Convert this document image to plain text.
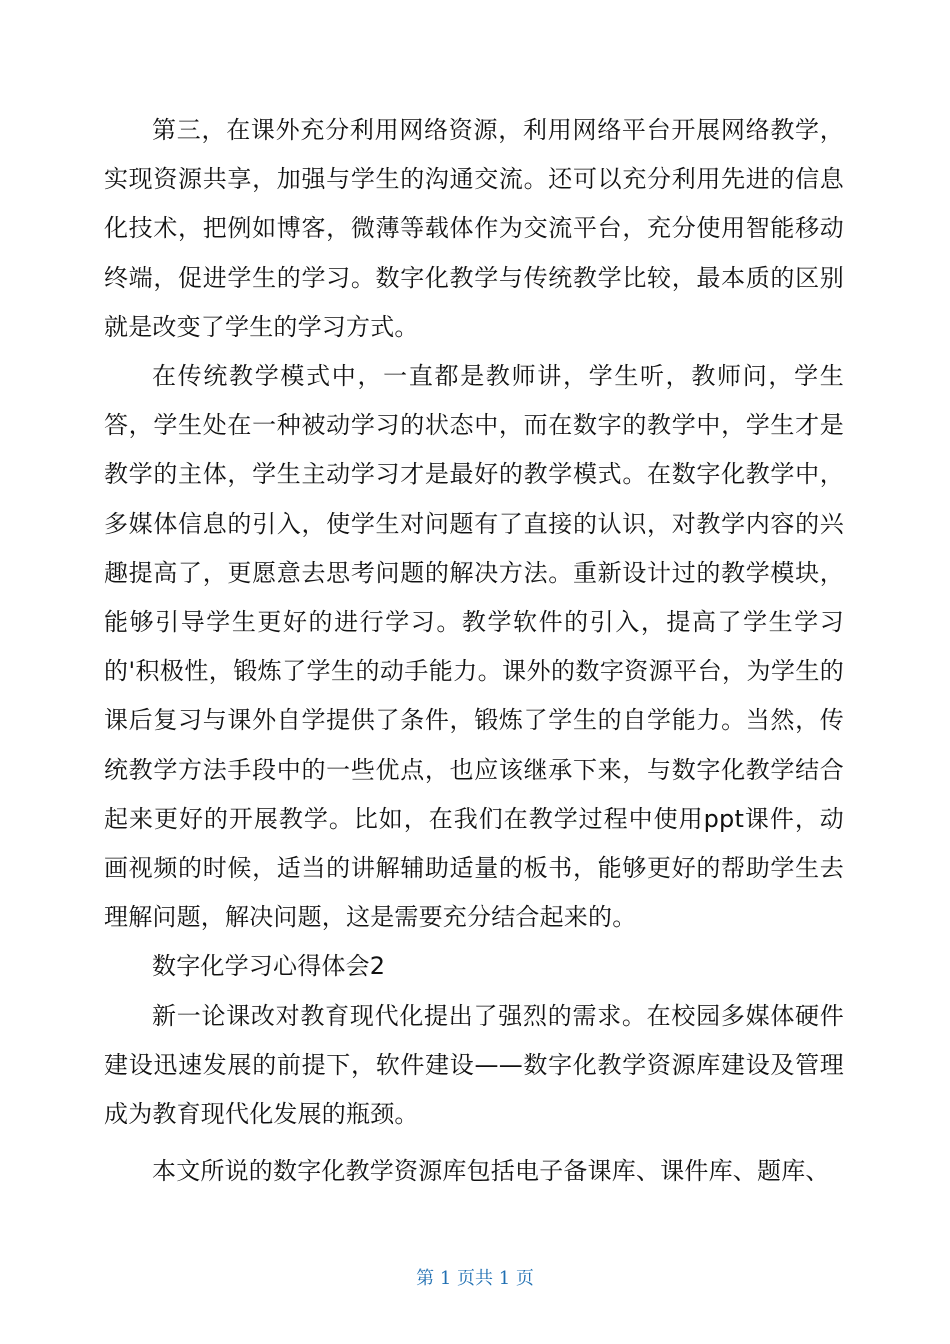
第三，在课外充分利用网络资源，利用网络平台开展网络教学，实现资源共享，加强与学生的沟通交流。还可以充分利用先进的信息化技术，把例如博客，微薄等载体作为交流平台，充分使用智能移动终端，促进学生的学习。数字化教学与传统教学比较，最本质的区别就是改变了学生的学习方式。

在传统教学模式中，一直都是教师讲，学生听，教师问，学生答，学生处在一种被动学习的状态中，而在数字的教学中，学生才是教学的主体，学生主动学习才是最好的教学模式。在数字化教学中，多媒体信息的引入，使学生对问题有了直接的认识，对教学内容的兴趣提高了，更愿意去思考问题的解决方法。重新设计过的教学模块，能够引导学生更好的进行学习。教学软件的引入，提高了学生学习的'积极性，锻炼了学生的动手能力。课外的数字资源平台，为学生的课后复习与课外自学提供了条件，锻炼了学生的自学能力。当然，传统教学方法手段中的一些优点，也应该继承下来，与数字化教学结合起来更好的开展教学。比如，在我们在教学过程中使用ppt课件，动画视频的时候，适当的讲解辅助适量的板书，能够更好的帮助学生去理解问题，解决问题，这是需要充分结合起来的。

数字化学习心得体会2

新一论课改对教育现代化提出了强烈的需求。在校园多媒体硬件建设迅速发展的前提下，软件建设——数字化教学资源库建设及管理成为教育现代化发展的瓶颈。

本文所说的数字化教学资源库包括电子备课库、课件库、题库、

第 1 页共 1 页
